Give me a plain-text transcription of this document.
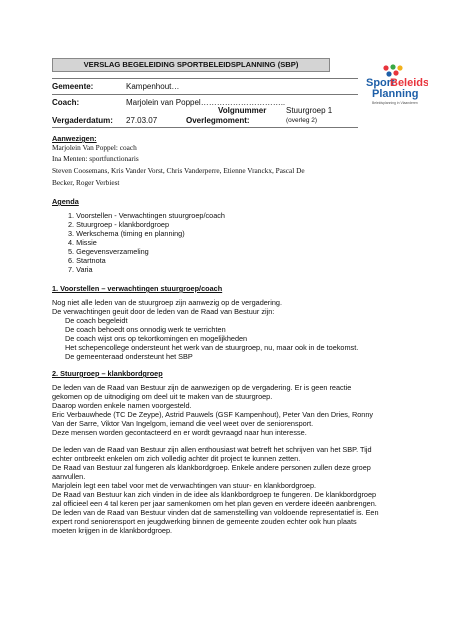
VERSLAG BEGELEIDING SPORTBELEIDSPLANNING (SBP)
Gemeente:	Kampenhout…
Coach:	Marjolein van Poppel…………………………..
Volgnummer Stuurgroep 1
Vergaderdatum: 27.03.07	Overlegmoment:	(overleg 2)
Sport
Beleids
Planning
Beleidsplanning in Vlaanderen
Aanwezigen:
Marjolein Van Poppel: coach
Ina Menten: sportfunctionaris
Steven Coosemans, Kris Vander Vorst, Chris Vanderperre, Etienne Vranckx, Pascal De
Becker, Roger Verbiest
Agenda
1. Voorstellen - Verwachtingen stuurgroep/coach
2. Stuurgroep - klankbordgroep
3. Werkschema (timing en planning)
4. Missie
5. Gegevensverzameling
6. Startnota
7. Varia
1. Voorstellen – verwachtingen stuurgroep/coach
Nog niet alle leden van de stuurgroep zijn aanwezig op de vergadering.
De verwachtingen geuit door de leden van de Raad van Bestuur zijn:
De coach begeleidt
De coach behoedt ons onnodig werk te verrichten
De coach wijst ons op tekortkomingen en mogelijkheden
Het schepencollege ondersteunt het werk van de stuurgroep, nu, maar ook in de toekomst.
De gemeenteraad ondersteunt het SBP
2. Stuurgroep – klankbordgroep
De leden van de Raad van Bestuur zijn de aanwezigen op de vergadering. Er is geen reactie
gekomen op de uitnodiging om deel uit te maken van de stuurgroep.
Daarop worden enkele namen voorgesteld.
Eric Verbauwhede (TC De Zeype), Astrid Pauwels (GSF Kampenhout), Peter Van den Dries, Ronny
Van der Sarre, Viktor Van Ingelgom, iemand die veel weet over de seniorensport.
Deze mensen worden gecontacteerd en er wordt gevraagd naar hun interesse.
De leden van de Raad van Bestuur zijn allen enthousiast wat betreft het schrijven van het SBP. Tijd
echter ontbreekt enkelen om zich volledig achter dit project te kunnen zetten.
De Raad van Bestuur zal fungeren als klankbordgroep. Enkele andere personen zullen deze groep
aanvullen.
Marjolein legt een tabel voor met de verwachtingen van stuur- en klankbordgroep.
De Raad van Bestuur kan zich vinden in de idee als klankbordgroep te fungeren. De klankbordgroep
zal officieel een 4 tal keren per jaar samenkomen om het plan geven en verdere ideeën aanbrengen.
De leden van de Raad van Bestuur vinden dat de samenstelling van voldoende representatief is. Een
expert rond seniorensport en jeugdwerking binnen de gemeente zouden echter ook hun plaats
moeten krijgen in de klankbordgroep.
